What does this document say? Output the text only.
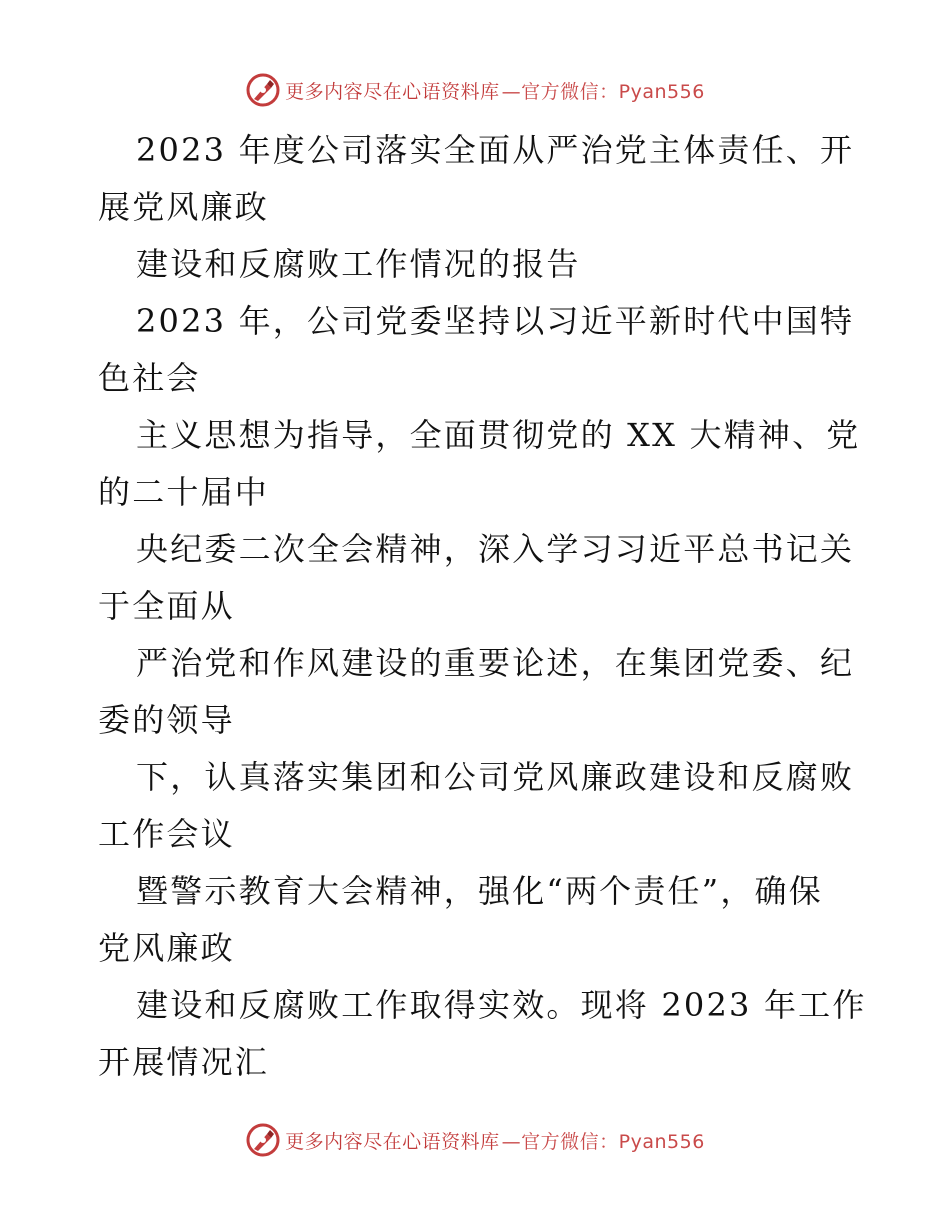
更多内容尽在心语资料库 —官方微信：Pyan556
2023 年度公司落实全面从严治党主体责任、开
展党风廉政
建设和反腐败工作情况的报告
2023 年，公司党委坚持以习近平新时代中国特
色社会
主义思想为指导，全面贯彻党的 XX 大精神、党
的二十届中
央纪委二次全会精神，深入学习习近平总书记关
于全面从
严治党和作风建设的重要论述，在集团党委、纪
委的领导
下，认真落实集团和公司党风廉政建设和反腐败
工作会议
暨警示教育大会精神，强化“两个责任”，确保
党风廉政
建设和反腐败工作取得实效。现将 2023 年工作
开展情况汇
更多内容尽在心语资料库 —官方微信：Pyan556
